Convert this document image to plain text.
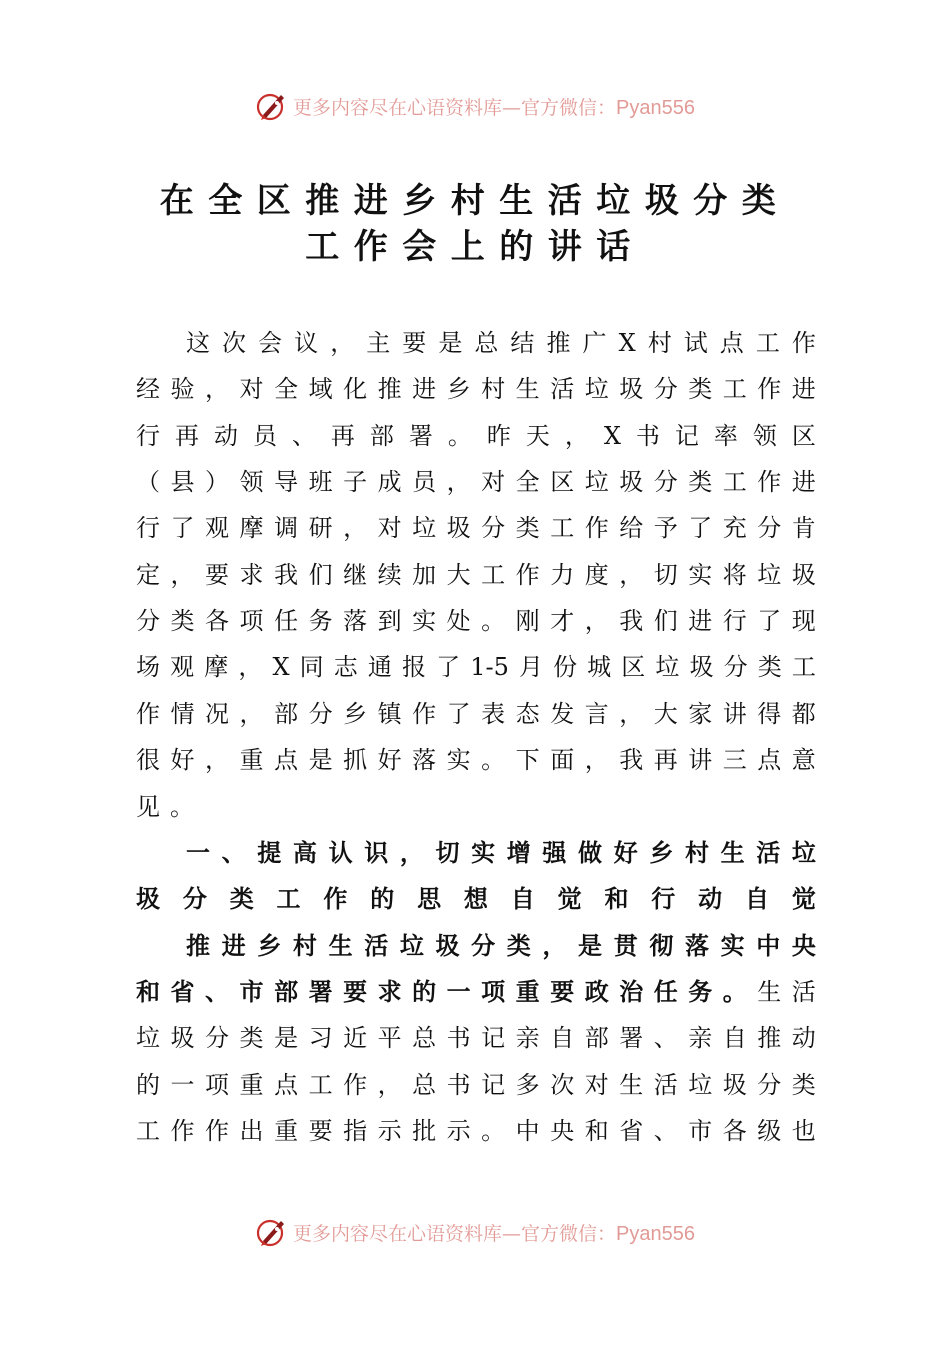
更多内容尽在心语资料库—官方微信：Pyan556
在全区推进乡村生活垃圾分类
工作会上的讲话
这 次 会 议 ， 主 要 是 总 结 推 广 X 村 试 点 工 作
经 验 ， 对 全 域 化 推 进 乡 村 生 活 垃 圾 分 类 工 作 进
行 再 动 员 、 再 部 署 。 昨 天 ， X 书 记 率 领 区
（ 县 ） 领 导 班 子 成 员 ， 对 全 区 垃 圾 分 类 工 作 进
行 了 观 摩 调 研 ， 对 垃 圾 分 类 工 作 给 予 了 充 分 肯
定 ， 要 求 我 们 继 续 加 大 工 作 力 度 ， 切 实 将 垃 圾
分 类 各 项 任 务 落 到 实 处 。 刚 才 ， 我 们 进 行 了 现
场 观 摩 ， X 同 志 通 报 了 1-5 月 份 城 区 垃 圾 分 类 工
作 情 况 ， 部 分 乡 镇 作 了 表 态 发 言 ， 大 家 讲 得 都
很 好 ， 重 点 是 抓 好 落 实 。 下 面 ， 我 再 讲 三 点 意
见 。
一 、 提 高 认 识 ， 切 实 增 强 做 好 乡 村 生 活 垃
圾 分 类 工 作 的 思 想 自 觉 和 行 动 自 觉
推 进 乡 村 生 活 垃 圾 分 类 ， 是 贯 彻 落 实 中 央
和 省 、 市 部 署 要 求 的 一 项 重 要 政 治 任 务 。 生 活
垃 圾 分 类 是 习 近 平 总 书 记 亲 自 部 署 、 亲 自 推 动
的 一 项 重 点 工 作 ， 总 书 记 多 次 对 生 活 垃 圾 分 类
工 作 作 出 重 要 指 示 批 示 。 中 央 和 省 、 市 各 级 也
更多内容尽在心语资料库—官方微信：Pyan556
